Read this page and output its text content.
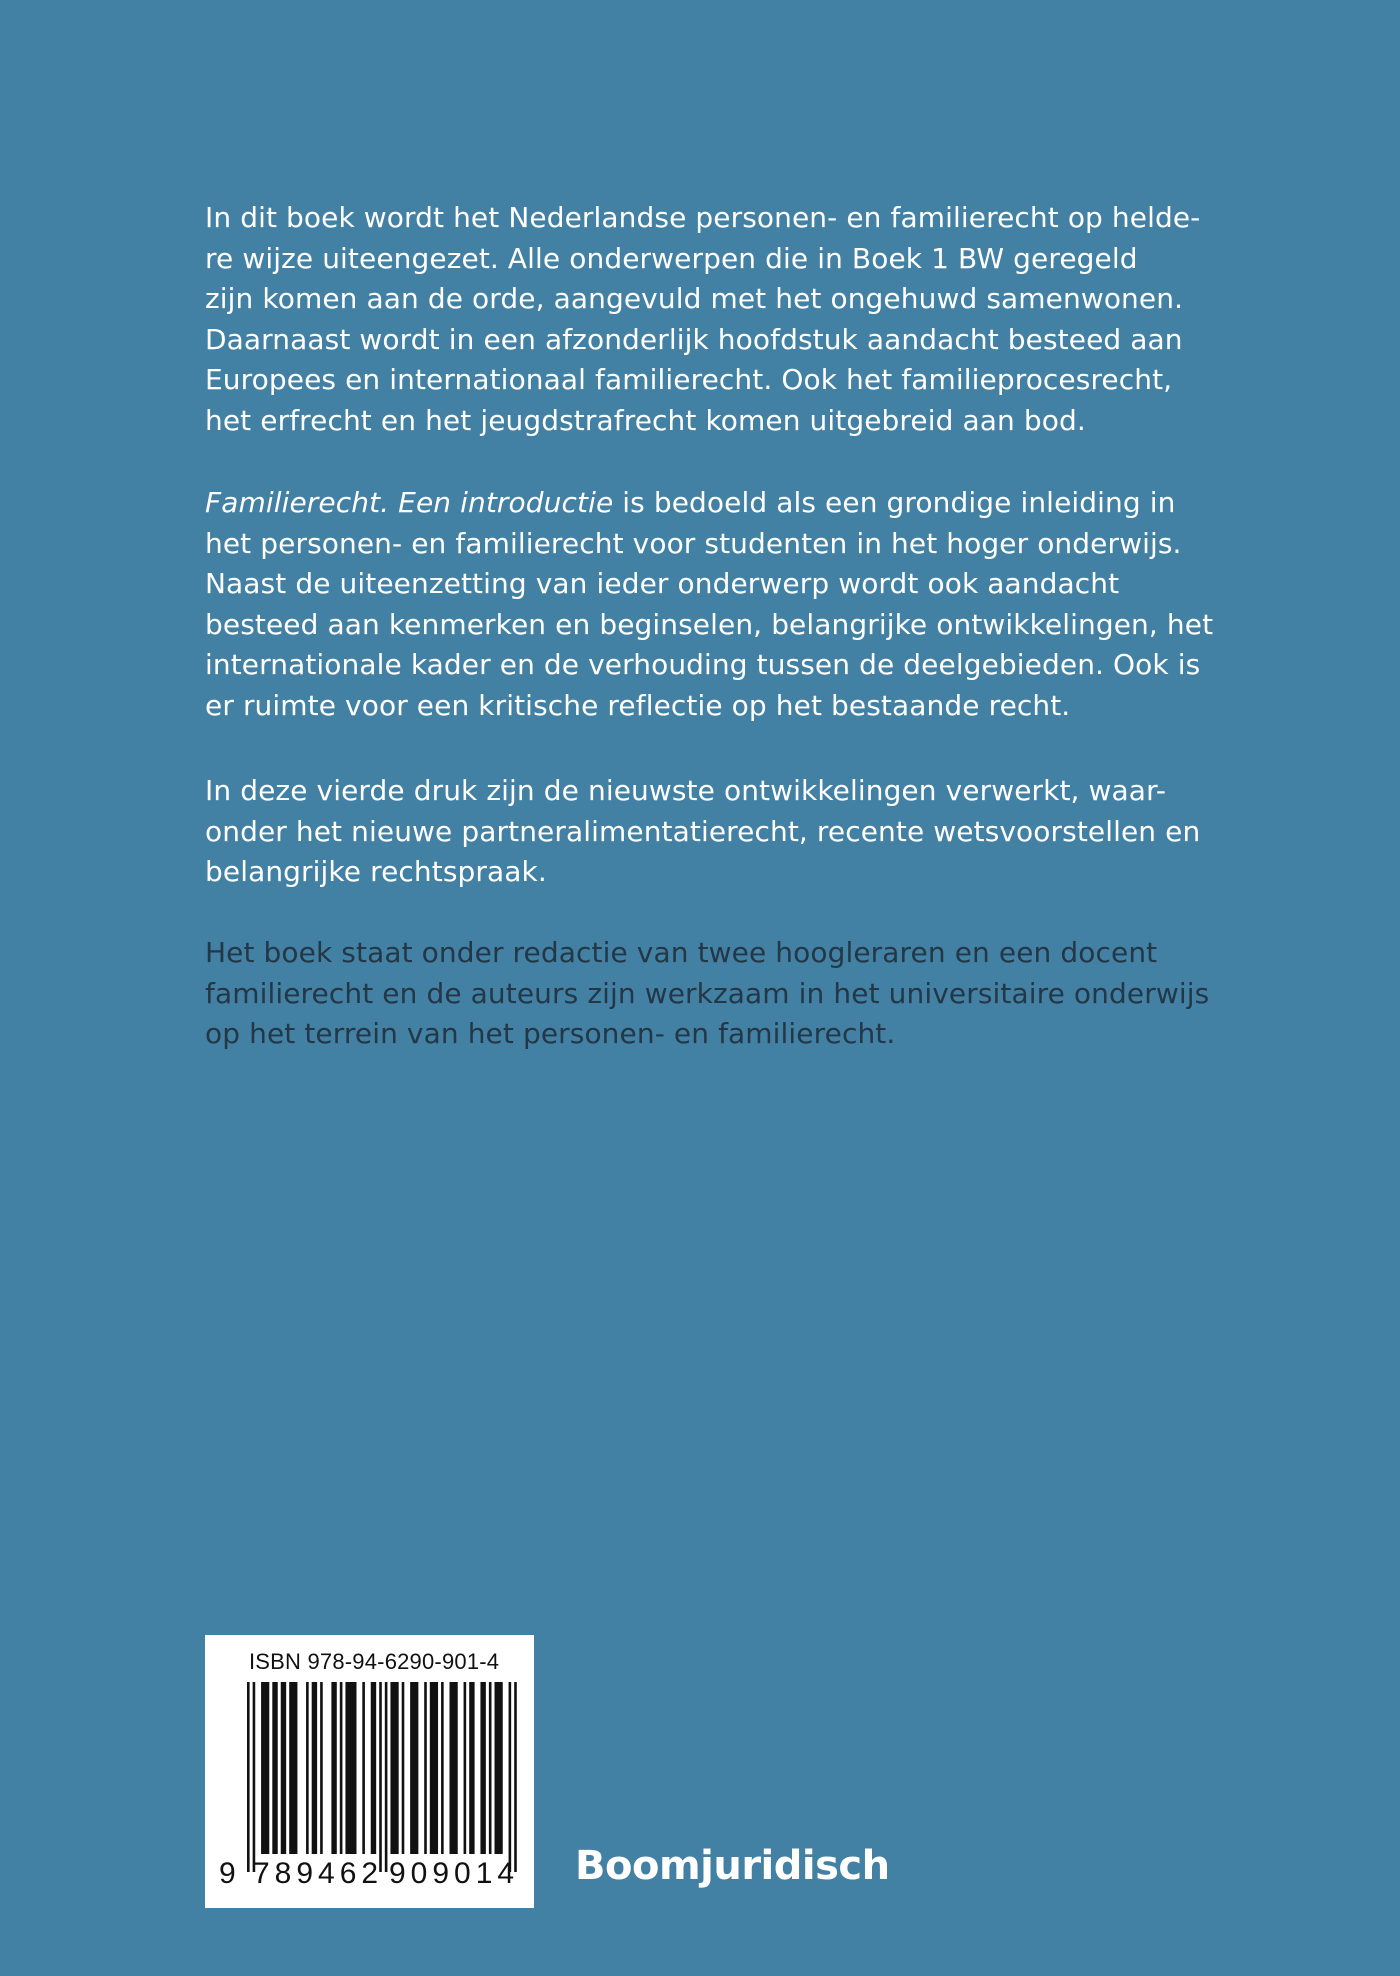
In dit boek wordt het Nederlandse personen- en familierecht op helde-
re wijze uiteengezet. Alle onderwerpen die in Boek 1 BW geregeld
zijn komen aan de orde, aangevuld met het ongehuwd samenwonen.
Daarnaast wordt in een afzonderlijk hoofdstuk aandacht besteed aan
Europees en internationaal familierecht. Ook het familieprocesrecht,
het erfrecht en het jeugdstrafrecht komen uitgebreid aan bod.

Familierecht. Een introductie is bedoeld als een grondige inleiding in
het personen- en familierecht voor studenten in het hoger onderwijs.
Naast de uiteenzetting van ieder onderwerp wordt ook aandacht
besteed aan kenmerken en beginselen, belangrijke ontwikkelingen, het
internationale kader en de verhouding tussen de deelgebieden. Ook is
er ruimte voor een kritische reflectie op het bestaande recht.

In deze vierde druk zijn de nieuwste ontwikkelingen verwerkt, waar-
onder het nieuwe partneralimentatierecht, recente wetsvoorstellen en
belangrijke rechtspraak.

Het boek staat onder redactie van twee hoogleraren en een docent
familierecht en de auteurs zijn werkzaam in het universitaire onderwijs
op het terrein van het personen- en familierecht.

ISBN 978-94-6290-901-4
9 789462 909014 Boomjuridisch
